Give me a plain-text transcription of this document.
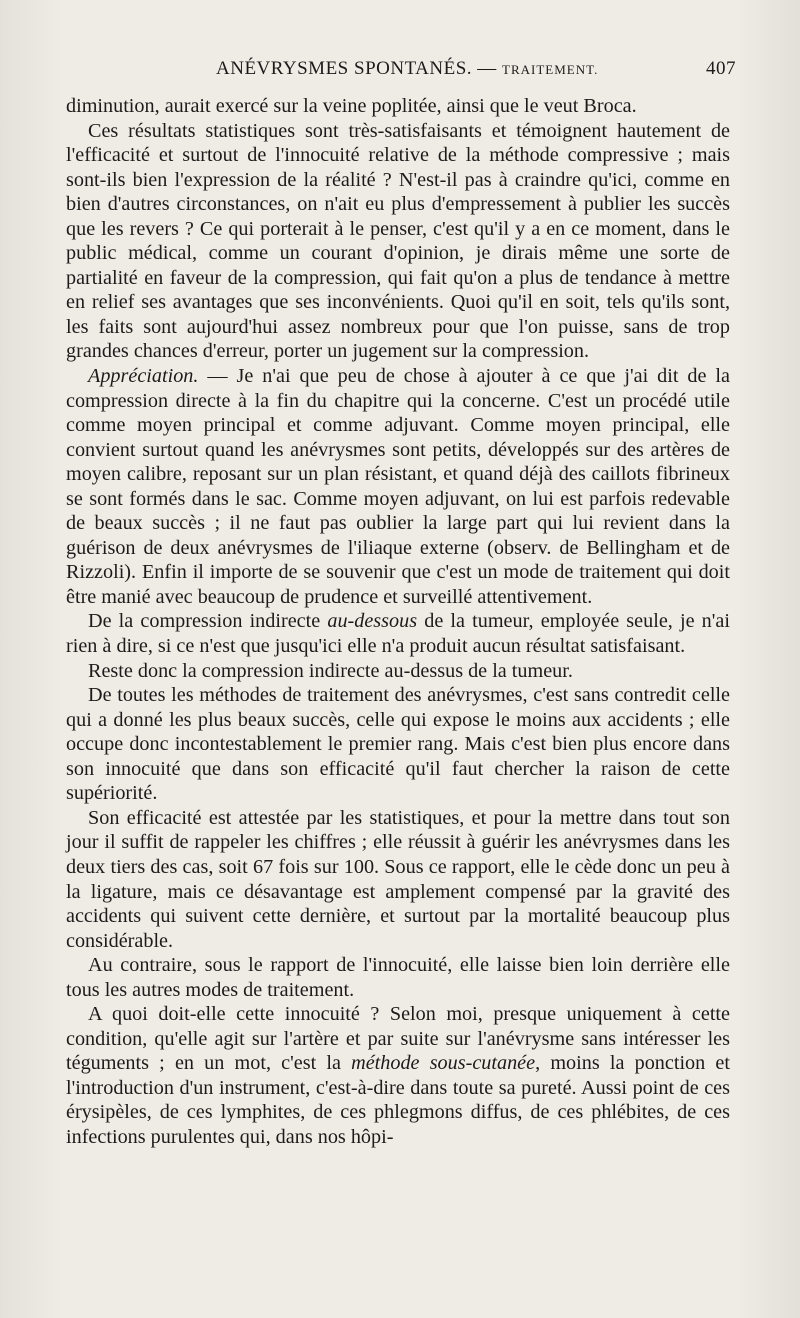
ANÉVRYSMES SPONTANÉS. — TRAITEMENT.	407

diminution, aurait exercé sur la veine poplitée, ainsi que le veut Broca.

Ces résultats statistiques sont très-satisfaisants et témoignent hautement de l'efficacité et surtout de l'innocuité relative de la méthode compressive ; mais sont-ils bien l'expression de la réalité ? N'est-il pas à craindre qu'ici, comme en bien d'autres circonstances, on n'ait eu plus d'empressement à publier les succès que les revers ? Ce qui porterait à le penser, c'est qu'il y a en ce moment, dans le public médical, comme un courant d'opinion, je dirais même une sorte de partialité en faveur de la compression, qui fait qu'on a plus de tendance à mettre en relief ses avantages que ses inconvénients. Quoi qu'il en soit, tels qu'ils sont, les faits sont aujourd'hui assez nombreux pour que l'on puisse, sans de trop grandes chances d'erreur, porter un jugement sur la compression.

Appréciation. — Je n'ai que peu de chose à ajouter à ce que j'ai dit de la compression directe à la fin du chapitre qui la concerne. C'est un procédé utile comme moyen principal et comme adjuvant. Comme moyen principal, elle convient surtout quand les anévrysmes sont petits, développés sur des artères de moyen calibre, reposant sur un plan résistant, et quand déjà des caillots fibrineux se sont formés dans le sac. Comme moyen adjuvant, on lui est parfois redevable de beaux succès ; il ne faut pas oublier la large part qui lui revient dans la guérison de deux anévrysmes de l'iliaque externe (observ. de Bellingham et de Rizzoli). Enfin il importe de se souvenir que c'est un mode de traitement qui doit être manié avec beaucoup de prudence et surveillé attentivement.

De la compression indirecte au-dessous de la tumeur, employée seule, je n'ai rien à dire, si ce n'est que jusqu'ici elle n'a produit aucun résultat satisfaisant.

Reste donc la compression indirecte au-dessus de la tumeur.

De toutes les méthodes de traitement des anévrysmes, c'est sans contredit celle qui a donné les plus beaux succès, celle qui expose le moins aux accidents ; elle occupe donc incontestablement le premier rang. Mais c'est bien plus encore dans son innocuité que dans son efficacité qu'il faut chercher la raison de cette supériorité.

Son efficacité est attestée par les statistiques, et pour la mettre dans tout son jour il suffit de rappeler les chiffres ; elle réussit à guérir les anévrysmes dans les deux tiers des cas, soit 67 fois sur 100. Sous ce rapport, elle le cède donc un peu à la ligature, mais ce désavantage est amplement compensé par la gravité des accidents qui suivent cette dernière, et surtout par la mortalité beaucoup plus considérable.

Au contraire, sous le rapport de l'innocuité, elle laisse bien loin derrière elle tous les autres modes de traitement.

A quoi doit-elle cette innocuité ? Selon moi, presque uniquement à cette condition, qu'elle agit sur l'artère et par suite sur l'anévrysme sans intéresser les téguments ; en un mot, c'est la méthode sous-cutanée, moins la ponction et l'introduction d'un instrument, c'est-à-dire dans toute sa pureté. Aussi point de ces érysipèles, de ces lymphites, de ces phlegmons diffus, de ces phlébites, de ces infections purulentes qui, dans nos hôpi-
